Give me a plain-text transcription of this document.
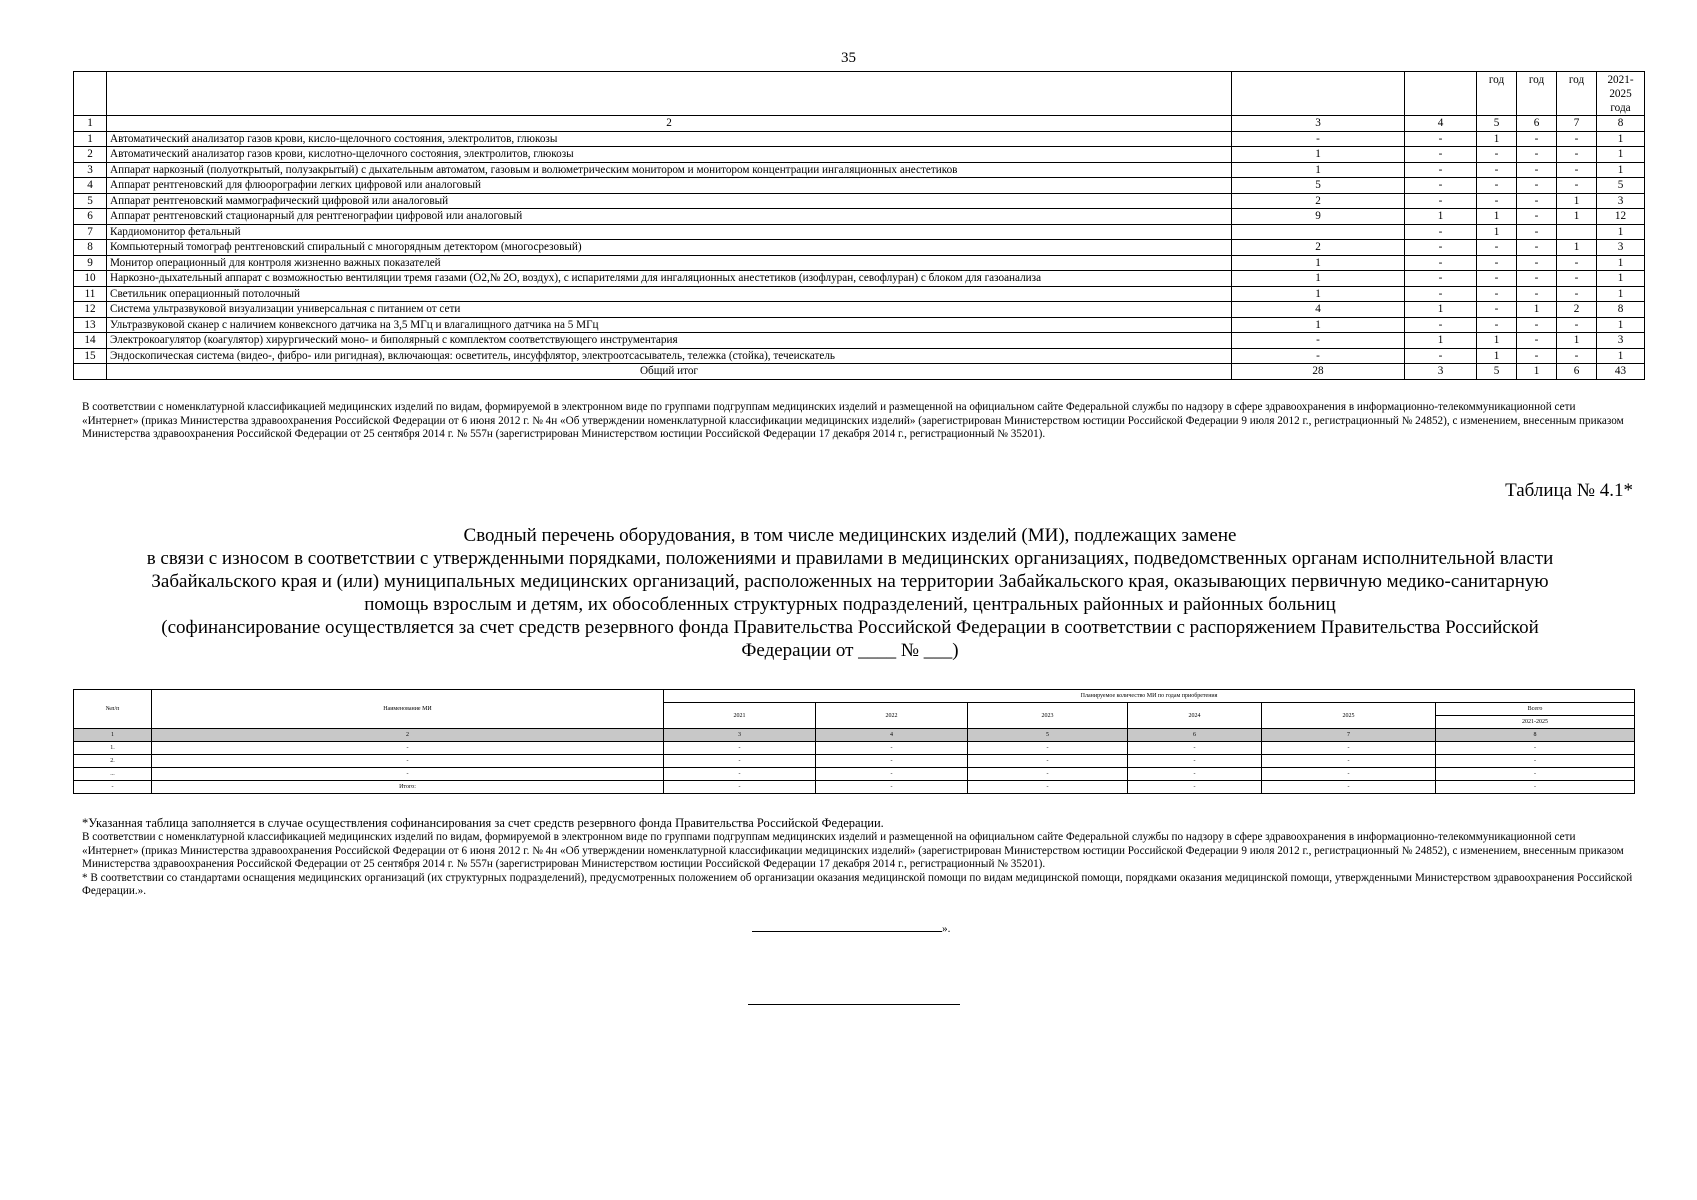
35
				год	год	год	2021-2025 года
1	2	3	4	5	6	7	8
1	Автоматический анализатор газов крови, кисло-щелочного состояния, электролитов, глюкозы	-	-	1	-	-	1
2	Автоматический анализатор газов крови, кислотно-щелочного состояния, электролитов, глюкозы	1	-	-	-	-	1
3	Аппарат наркозный (полуоткрытый, полузакрытый) с дыхательным автоматом, газовым и волюметрическим монитором и монитором концентрации ингаляционных анестетиков	1	-	-	-	-	1
4	Аппарат рентгеновский для флюорографии легких цифровой или аналоговый	5	-	-	-	-	5
5	Аппарат рентгеновский маммографический цифровой или аналоговый	2	-	-	-	1	3
6	Аппарат рентгеновский стационарный для рентгенографии цифровой или аналоговый	9	1	1	-	1	12
7	Кардиомонитор фетальный		-	1	-		1
8	Компьютерный томограф рентгеновский спиральный с многорядным детектором (многосрезовый)	2	-	-	-	1	3
9	Монитор операционный для контроля жизненно важных показателей	1	-	-	-	-	1
10	Наркозно-дыхательный аппарат с возможностью вентиляции тремя газами (О2,№ 2О, воздух), с испарителями для ингаляционных анестетиков (изофлуран, севофлуран) с блоком для газоанализа	1	-	-	-	-	1
11	Светильник операционный потолочный	1	-	-	-	-	1
12	Система ультразвуковой визуализации универсальная с питанием от сети	4	1	-	1	2	8
13	Ультразвуковой сканер с наличием конвексного датчика на 3,5 МГц и влагалищного датчика на 5 МГц	1	-	-	-	-	1
14	Электрокоагулятор (коагулятор) хирургический моно- и биполярный с комплектом соответствующего инструментария	-	1	1	-	1	3
15	Эндоскопическая система (видео-, фибро- или ригидная), включающая: осветитель, инсуффлятор, электроотсасыватель, тележка (стойка), течеискатель	-	-	1	-	-	1
	Общий итог	28	3	5	1	6	43
В соответствии с номенклатурной классификацией медицинских изделий по видам, формируемой в электронном виде по группами подгруппам медицинских изделий и размещенной на официальном сайте Федеральной службы по надзору в сфере здравоохранения в информационно-телекоммуникационной сети «Интернет» (приказ Министерства здравоохранения Российской Федерации от 6 июня 2012 г. № 4н «Об утверждении номенклатурной классификации медицинских изделий» (зарегистрирован Министерством юстиции Российской Федерации 9 июля 2012 г., регистрационный № 24852), с изменением, внесенным приказом Министерства здравоохранения Российской Федерации от 25 сентября 2014 г. № 557н (зарегистрирован Министерством юстиции Российской Федерации 17 декабря 2014 г., регистрационный № 35201).
Таблица № 4.1*
Сводный перечень оборудования, в том числе медицинских изделий (МИ), подлежащих замене
в связи с износом в соответствии с утвержденными порядками, положениями и правилами в медицинских организациях, подведомственных органам исполнительной власти
Забайкальского края и (или) муниципальных медицинских организаций, расположенных на территории Забайкальского края, оказывающих первичную медико-санитарную
помощь взрослым и детям, их обособленных структурных подразделений, центральных районных и районных больниц
(софинансирование осуществляется за счет средств резервного фонда Правительства Российской Федерации в соответствии с распоряжением Правительства Российской
Федерации от ____ № ___)
№п/п	Наименование МИ	Планируемое количество МИ по годам приобретения					
		2021	2022	2023	2024	2025	Всего
							2021-2025
1	2	3	4	5	6	7	8
1.	-	-	-	-	-	-	-
2.	-	-	-	-	-	-	-
...	-	-	-	-	-	-	-
-	Итого:	-	-	-	-	-	-
*Указанная таблица заполняется в случае осуществления софинансирования за счет средств резервного фонда Правительства Российской Федерации.
В соответствии с номенклатурной классификацией медицинских изделий по видам, формируемой в электронном виде по группами подгруппам медицинских изделий и размещенной на официальном сайте Федеральной службы по надзору в сфере здравоохранения в информационно-телекоммуникационной сети «Интернет» (приказ Министерства здравоохранения Российской Федерации от 6 июня 2012 г. № 4н «Об утверждении номенклатурной классификации медицинских изделий» (зарегистрирован Министерством юстиции Российской Федерации 9 июля 2012 г., регистрационный № 24852), с изменением, внесенным приказом Министерства здравоохранения Российской Федерации от 25 сентября 2014 г. № 557н (зарегистрирован Министерством юстиции Российской Федерации 17 декабря 2014 г., регистрационный № 35201).
* В соответствии со стандартами оснащения медицинских организаций (их структурных подразделений), предусмотренных положением об организации оказания медицинской помощи по видам медицинской помощи, порядками оказания медицинской помощи, утвержденными Министерством здравоохранения Российской Федерации.».
».
